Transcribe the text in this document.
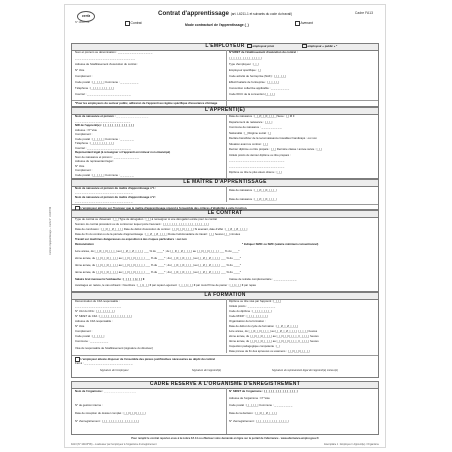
cerfa
N° 10103*06
Contrat d'apprentissage (art. L6211-1 et suivants du code du travail)	Cadre FA13
Contrat	Mode contractuel de l'apprentissage (_)	Avenant
L'EMPLOYEUR	employeur privé	employeur « public » *
Nom et prénom ou dénomination : _ _ _ _ _ _ _ _ _ _ _ _ _ _ _
_ _ _ _ _ _ _ _ _ _ _ _ _ _ _ _ _ _ _ _ _ _ _ _ _ _
Adresse de l'établissement d'exécution du contrat :
N° Voie
Complément :
Code postal : |_|_|_|_|_| Commune : _ _ _ _ _ _ _ _
Téléphone : |_|_|_|_|_|_|_|_|_|_|
Courriel : _ _ _ _ _ _ _ _ _ _ _ _ _ _ _ _ _ _ _
N°SIRET de l'établissement d'exécution du contrat :
|_|_|_|_|_|_|_|_|_|_|_|_|_|_|
Type d'employeur : |_|_|
Employeur spécifique : |_|
Code activité de l'entreprise (NAF) : |_|_|_|_|_|
Effectif salarié de l'entreprise : |_|_|_|_|_|
Convention collective applicable : _ _ _ _ _ _ _ _
Code IDCC de la convention |_|_|_|_|
*Pour les employeurs du secteur public, adhésion de l'apprenti au régime spécifique d'assurance chômage
L'APPRENTI(E)
Nom de naissance et prénom : _ _ _ _ _ _ _ _ _ _ _ _ _ _
_ _ _ _ _ _ _ _ _ _ _ _ _ _ _ _ _ _ _ _ _ _ _ _
NIR de l'apprenti(e) : |_|_|_|_|_|_|_|_|_|_|_|_|_|
Adresse : N° Voie
Complément :
Code postal : |_|_|_|_|_| Commune : _ _ _ _ _ _
Téléphone : |_|_|_|_|_|_|_|_|_|_|
Courriel : _ _ _ _ _ _ _ _ _ _ _ _ _ _ _ _ _ _ _
Représentant légal (à renseigner si l'apprenti est mineur non émancipé)
Nom de naissance et prénom : _ _ _ _ _ _ _ _ _ _ _
Adresse du représentant légal :
N° Voie
Complément :
Code postal : |_|_|_|_|_| Commune : _ _ _ _ _ _
Date de naissance : |_|_|/|_|_|/|_|_|_|_| Sexe : |_| M F
Département de naissance : |_|_|_|
Commune de naissance : _ _ _ _ _ _ _ _ _
Nationalité : |_| Régime social : |_|
Déclare bénéficier de la reconnaissance travailleur handicapé : oui non
Situation avant ce contrat : |_|_|
Dernier diplôme ou titre préparé : |_|_| Dernière classe / année suivie : |_|_|
Intitulé précis du dernier diplôme ou titre préparé :
_ _ _ _ _ _ _ _ _ _ _ _ _ _ _ _ _ _ _ _ _ _ _ _
_ _ _ _ _ _ _ _ _ _ _ _ _ _ _ _ _ _ _ _ _ _ _ _
Diplôme ou titre le plus élevé obtenu : |_|_|
LE MAÎTRE D'APPRENTISSAGE
Nom de naissance et prénom du maître d'apprentissage n°1 :
_ _ _ _ _ _ _ _ _ _ _ _ _ _ _ _ _ _ _ _ _ _ _ _ _
Nom de naissance et prénom du maître d'apprentissage n°2 :
_ _ _ _ _ _ _ _ _ _ _ _ _ _ _ _ _ _ _ _ _ _ _ _ _
Date de naissance : |_|_|/|_|_|/|_|_|_|_|
Date de naissance : |_|_|/|_|_|/|_|_|_|_|
L'employeur atteste sur l'honneur que le maître d'apprentissage répond à l'ensemble des critères d'éligibilité à cette fonction.
LE CONTRAT
Type de contrat ou d'avenant : |_|_| Type de dérogation : |_|_| à renseigner si une dérogation existe pour ce contrat
Numéro du contrat précédent ou du contrat sur lequel porte l'avenant : |_|_|_|_|_|_|_|_|_|_|_|_|_|_|_|_|_|_|_|_|
Date de conclusion : |_|_|/|_|_|/|_|_|_|_| Date de début d'exécution du contrat : |_|_|/|_|_|/|_|_|_|_| Si avenant, date d'effet : |_|_|/|_|_|/|_|_|_|_|
Date de fin du contrat ou de la période d'apprentissage : |_|_|/|_|_|/|_|_|_|_| Durée hebdomadaire du travail : |_|_| heures |_|_| minutes
Travail sur machines dangereuses ou exposition à des risques particuliers : oui non
Rémunération	* Indiquer SMIC ou SMC (salaire minimum conventionnel)
1ère année, du |_|_|/|_|_|/|_|_|_|_| au |_|_|/|_|_|/|_|_|_|_| ___ % du ____* ; du |_|_|/|_|_|/|_|_|_|_| au |_|_|/|_|_|/|_|_|_|_| ___ % du ____*
2ème année, du |_|_|/|_|_|/|_|_|_|_| au |_|_|/|_|_|/|_|_|_|_| ___ % du ____* ; du |_|_|/|_|_|/|_|_|_|_| au |_|_|/|_|_|/|_|_|_|_| ___ % du ____*
3ème année, du |_|_|/|_|_|/|_|_|_|_| au |_|_|/|_|_|/|_|_|_|_| ___ % du ____* ; du |_|_|/|_|_|/|_|_|_|_| au |_|_|/|_|_|/|_|_|_|_| ___ % du ____*
4ème année, du |_|_|/|_|_|/|_|_|_|_| au |_|_|/|_|_|/|_|_|_|_| ___ % du ____* ; du |_|_|/|_|_|/|_|_|_|_| au |_|_|/|_|_|/|_|_|_|_| ___ % du ____*
Salaire brut mensuel à l'embauche : |_|_|_|_|_|,|_|_| €	Caisse de retraite complémentaire : _ _ _ _ _ _ _ _ _ _
Avantages en nature, le cas échéant : Nourriture : |_|_|,|_|_| € par repas Logement : |_|_|_|,|_|_| € par mois Prime de panier : |_|_|,|_|_| € par repas
LA FORMATION
Dénomination du CFA responsable :
_ _ _ _ _ _ _ _ _ _ _ _ _ _ _ _ _ _ _ _
N° UAI du CFA : |_|_|_|_|_|_|_|_|
N° SIRET du CFA : |_|_|_|_|_|_|_|_|_|_|_|_|_|_|
Adresse du CFA responsable :
N° Voie
Complément :
Code postal : |_|_|_|_|_|
Commune : _ _ _ _ _ _ _ _
Visa du responsable de l'établissement (signature du directeur)
Diplôme ou titre visé par l'apprenti : |_|_|_|
Intitulé précis : _ _ _ _ _ _ _ _ _ _ _ _
Code du diplôme : |_|_|_|_|_|_|_|_|
Code RNCP : |_|_|_|_|_|_|_|_|_|
Organisation de la formation :
Date de début du cycle de formation : |_|_|/|_|_|/|_|_|_|_|
1ère année, du |_|_|/|_|_|/|_|_|_|_| au |_|_|/|_|_|/|_|_|_|_| |_|_|_|_| heures
2ème année, du |_|_|/|_|_|/|_|_|_|_| au |_|_|/|_|_|/|_|_|_|_| |_|_|_|_| heures
3ème année, du |_|_|/|_|_|/|_|_|_|_| au |_|_|/|_|_|/|_|_|_|_| |_|_|_|_| heures
Inspection pédagogique compétente : |_|
Date prévue de fin des épreuves ou examens : |_|_|/|_|_|/|_|_|_|_|
L'employeur atteste disposer de l'ensemble des pièces justificatives nécessaires au dépôt du contrat
Fait à : _ _ _ _ _ _ _ _ _ _ _ _ _ _ _ _ _ _ _ _ _
Signature de l'employeur	Signature de l'apprenti(e)	Signature du représentant légal de l'apprenti(e) mineur(e)
CADRE RESERVE A L'ORGANISME D'ENREGISTREMENT
Nom de l'organisme : _ _ _ _ _ _ _ _ _ _ _ _ _ _
N° de gestion interne :
Date de réception du dossier complet : |_|_|/|_|_|/|_|_|_|_|
N° d'enregistrement : |_|_|_|_|_|_|_|_|_|_|_|_|_|_|_|_|
N° SIRET de l'organisme : |_|_|_|_|_|_|_|_|_|_|_|_|_|_|
Adresse de l'organisme : N° Voie
Code postal : |_|_|_|_|_| Commune : _ _ _ _ _ _ _ _
Date de la décision : |_|_|/|_|_|/|_|_|_|_|
N° d'enregistrement : |_|_|_|_|_|_|_|_|_|_|_|_|_|_|
Pour remplir le contrat reportez-vous à la notice FA 14 ou effectuez votre demande en ligne sur le portail de l'alternance - www.alternance.emploi.gouv.fr
FA13 (N° 10103*06) – à adresser par l'employeur à l'organisme d'enregistrement	Exemplaire 1 : Employeur / Apprenti(e) / Organisme
Contrat d'apprentissage – Cerfa N° 10103*06
